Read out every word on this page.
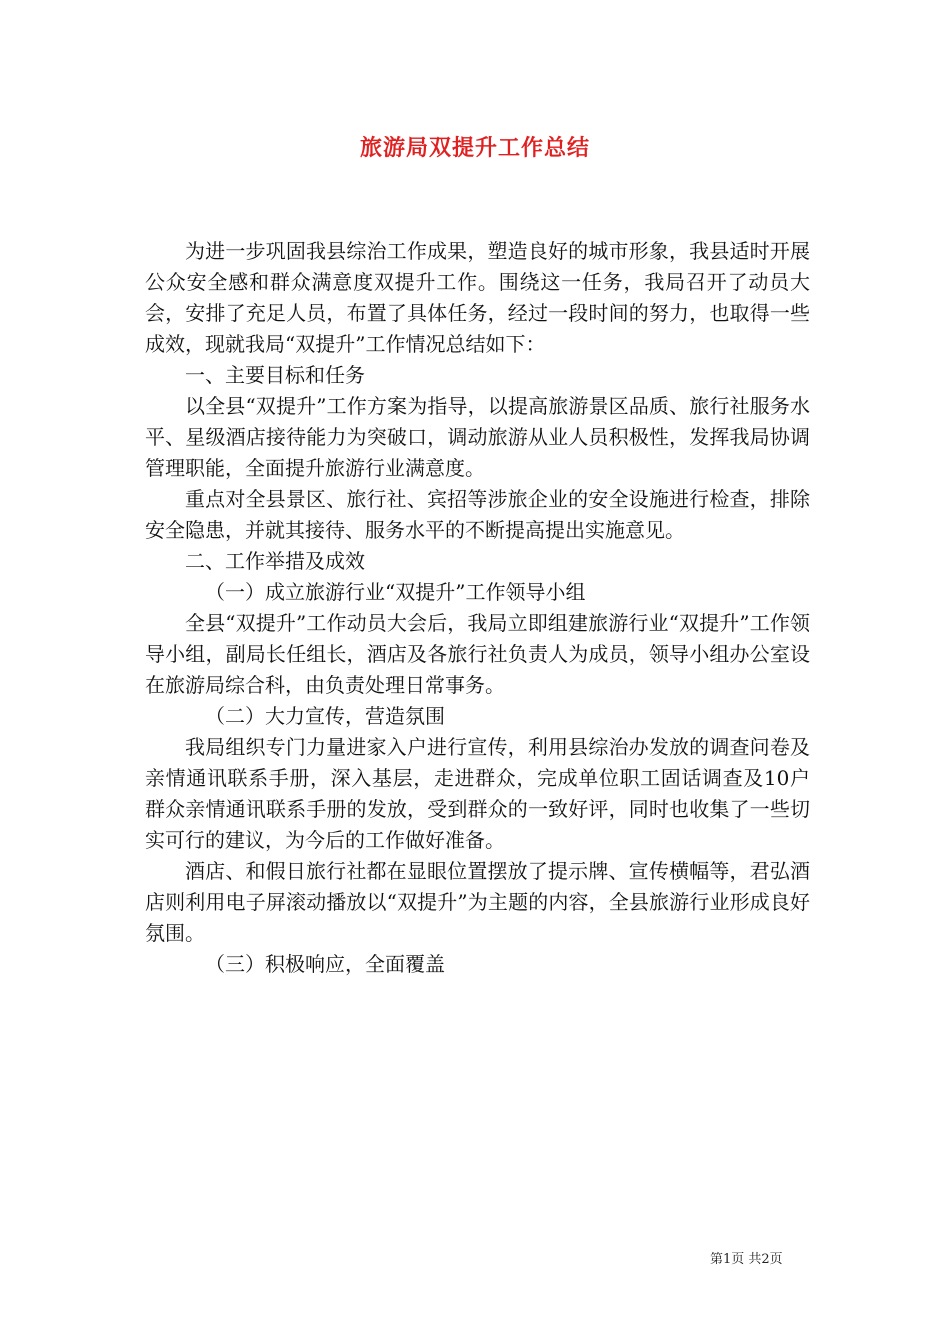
旅游局双提升工作总结

为进一步巩固我县综治工作成果，塑造良好的城市形象，我县适时开展公众安全感和群众满意度双提升工作。围绕这一任务，我局召开了动员大会，安排了充足人员，布置了具体任务，经过一段时间的努力，也取得一些成效，现就我局“双提升”工作情况总结如下：

一、主要目标和任务

以全县“双提升”工作方案为指导，以提高旅游景区品质、旅行社服务水平、星级酒店接待能力为突破口，调动旅游从业人员积极性，发挥我局协调管理职能，全面提升旅游行业满意度。

重点对全县景区、旅行社、宾招等涉旅企业的安全设施进行检查，排除安全隐患，并就其接待、服务水平的不断提高提出实施意见。

二、工作举措及成效

（一）成立旅游行业“双提升”工作领导小组

全县“双提升”工作动员大会后，我局立即组建旅游行业“双提升”工作领导小组，副局长任组长，酒店及各旅行社负责人为成员，领导小组办公室设在旅游局综合科，由负责处理日常事务。

（二）大力宣传，营造氛围

我局组织专门力量进家入户进行宣传，利用县综治办发放的调查问卷及亲情通讯联系手册，深入基层，走进群众，完成单位职工固话调查及10户群众亲情通讯联系手册的发放，受到群众的一致好评，同时也收集了一些切实可行的建议，为今后的工作做好准备。

酒店、和假日旅行社都在显眼位置摆放了提示牌、宣传横幅等，君弘酒店则利用电子屏滚动播放以“双提升”为主题的内容，全县旅游行业形成良好氛围。

（三）积极响应，全面覆盖

第1页 共2页
